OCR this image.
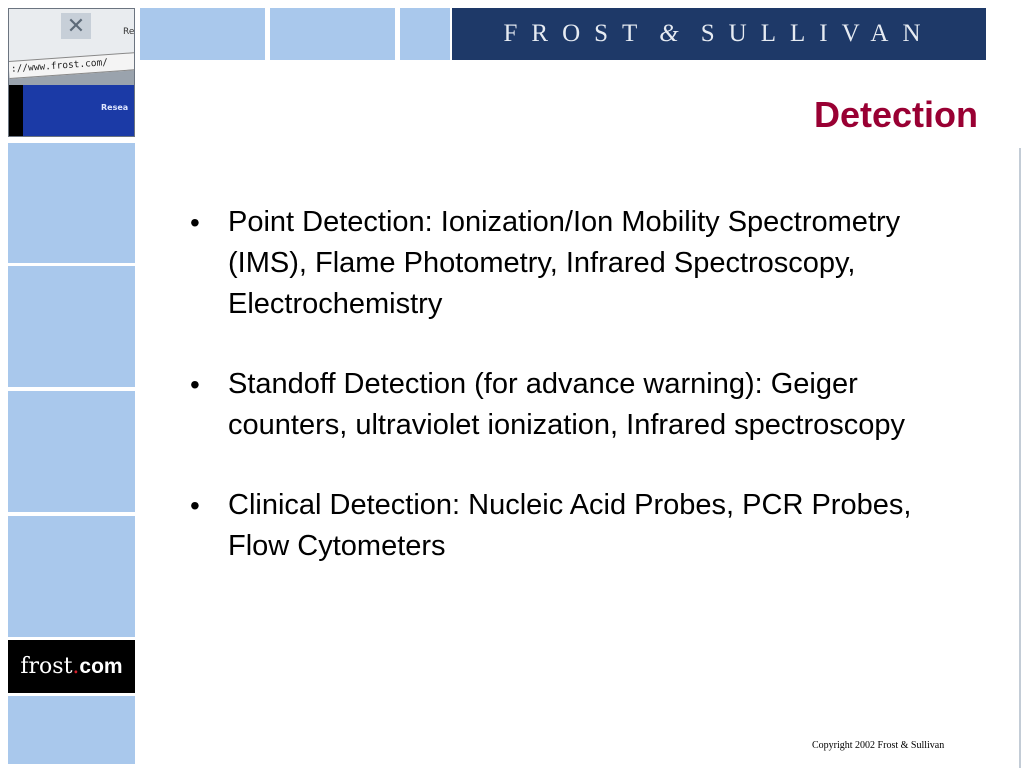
✕	Re
://www.frost.com/
Resea
frost . com
FROST & SULLIVAN
Detection
• Point Detection: Ionization/Ion Mobility Spectrometry (IMS), Flame Photometry, Infrared Spectroscopy, Electrochemistry
• Standoff Detection (for advance warning): Geiger counters, ultraviolet ionization, Infrared spectroscopy
• Clinical Detection: Nucleic Acid Probes, PCR Probes, Flow Cytometers
Copyright 2002 Frost & Sullivan
